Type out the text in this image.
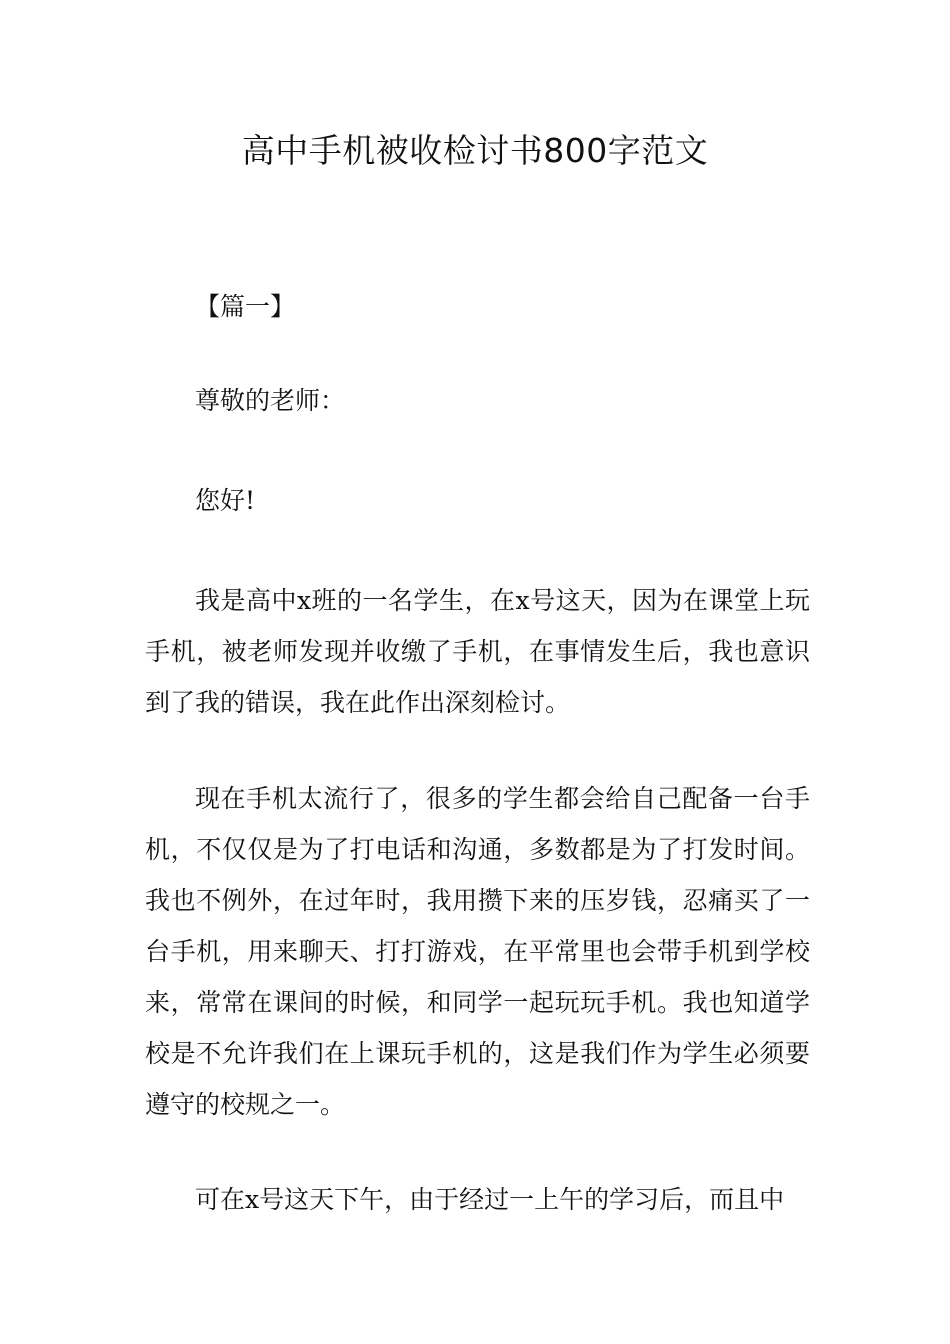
高中手机被收检讨书800字范文

【篇一】

尊敬的老师：

您好!

我是高中x班的一名学生，在x号这天，因为在课堂上玩手机，被老师发现并收缴了手机，在事情发生后，我也意识到了我的错误，我在此作出深刻检讨。

现在手机太流行了，很多的学生都会给自己配备一台手机，不仅仅是为了打电话和沟通，多数都是为了打发时间。我也不例外，在过年时，我用攒下来的压岁钱，忍痛买了一台手机，用来聊天、打打游戏，在平常里也会带手机到学校来，常常在课间的时候，和同学一起玩玩手机。我也知道学校是不允许我们在上课玩手机的，这是我们作为学生必须要遵守的校规之一。

可在x号这天下午，由于经过一上午的学习后，而且中
